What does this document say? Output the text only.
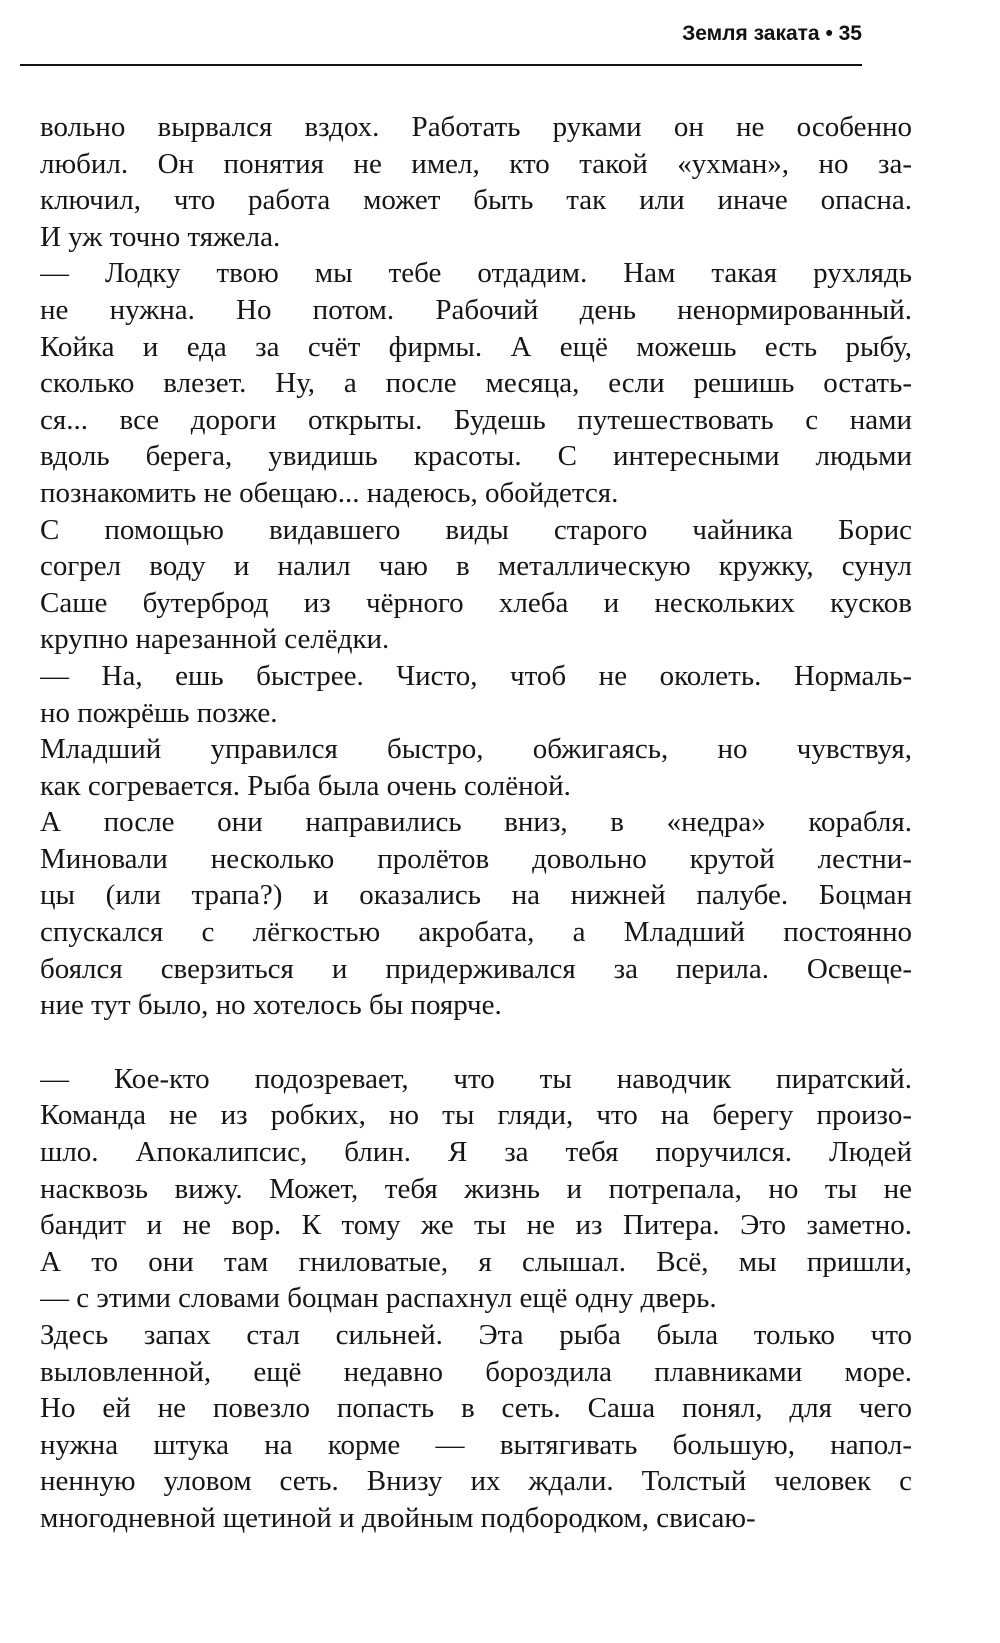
Земля заката • 35
вольно вырвался вздох. Работать руками он не особенно
любил. Он понятия не имел, кто такой «ухман», но за-
ключил, что работа может быть так или иначе опасна.
И уж точно тяжела.
— Лодку твою мы тебе отдадим. Нам такая рухлядь
не нужна. Но потом. Рабочий день ненормированный.
Койка и еда за счёт фирмы. А ещё можешь есть рыбу,
сколько влезет. Ну, а после месяца, если решишь остать-
ся... все дороги открыты. Будешь путешествовать с нами
вдоль берега, увидишь красоты. С интересными людьми
познакомить не обещаю... надеюсь, обойдется.
С помощью видавшего виды старого чайника Борис
согрел воду и налил чаю в металлическую кружку, сунул
Саше бутерброд из чёрного хлеба и нескольких кусков
крупно нарезанной селёдки.
— На, ешь быстрее. Чисто, чтоб не околеть. Нормаль-
но пожрёшь позже.
Младший управился быстро, обжигаясь, но чувствуя,
как согревается. Рыба была очень солёной.
А после они направились вниз, в «недра» корабля.
Миновали несколько пролётов довольно крутой лестни-
цы (или трапа?) и оказались на нижней палубе. Боцман
спускался с лёгкостью акробата, а Младший постоянно
боялся сверзиться и придерживался за перила. Освеще-
ние тут было, но хотелось бы поярче.
— Кое-кто подозревает, что ты наводчик пиратский.
Команда не из робких, но ты гляди, что на берегу произо-
шло. Апокалипсис, блин. Я за тебя поручился. Людей
насквозь вижу. Может, тебя жизнь и потрепала, но ты не
бандит и не вор. К тому же ты не из Питера. Это заметно.
А то они там гниловатые, я слышал. Всё, мы пришли,
— с этими словами боцман распахнул ещё одну дверь.
Здесь запах стал сильней. Эта рыба была только что
выловленной, ещё недавно бороздила плавниками море.
Но ей не повезло попасть в сеть. Саша понял, для чего
нужна штука на корме — вытягивать большую, напол-
ненную уловом сеть. Внизу их ждали. Толстый человек с
многодневной щетиной и двойным подбородком, свисаю-
